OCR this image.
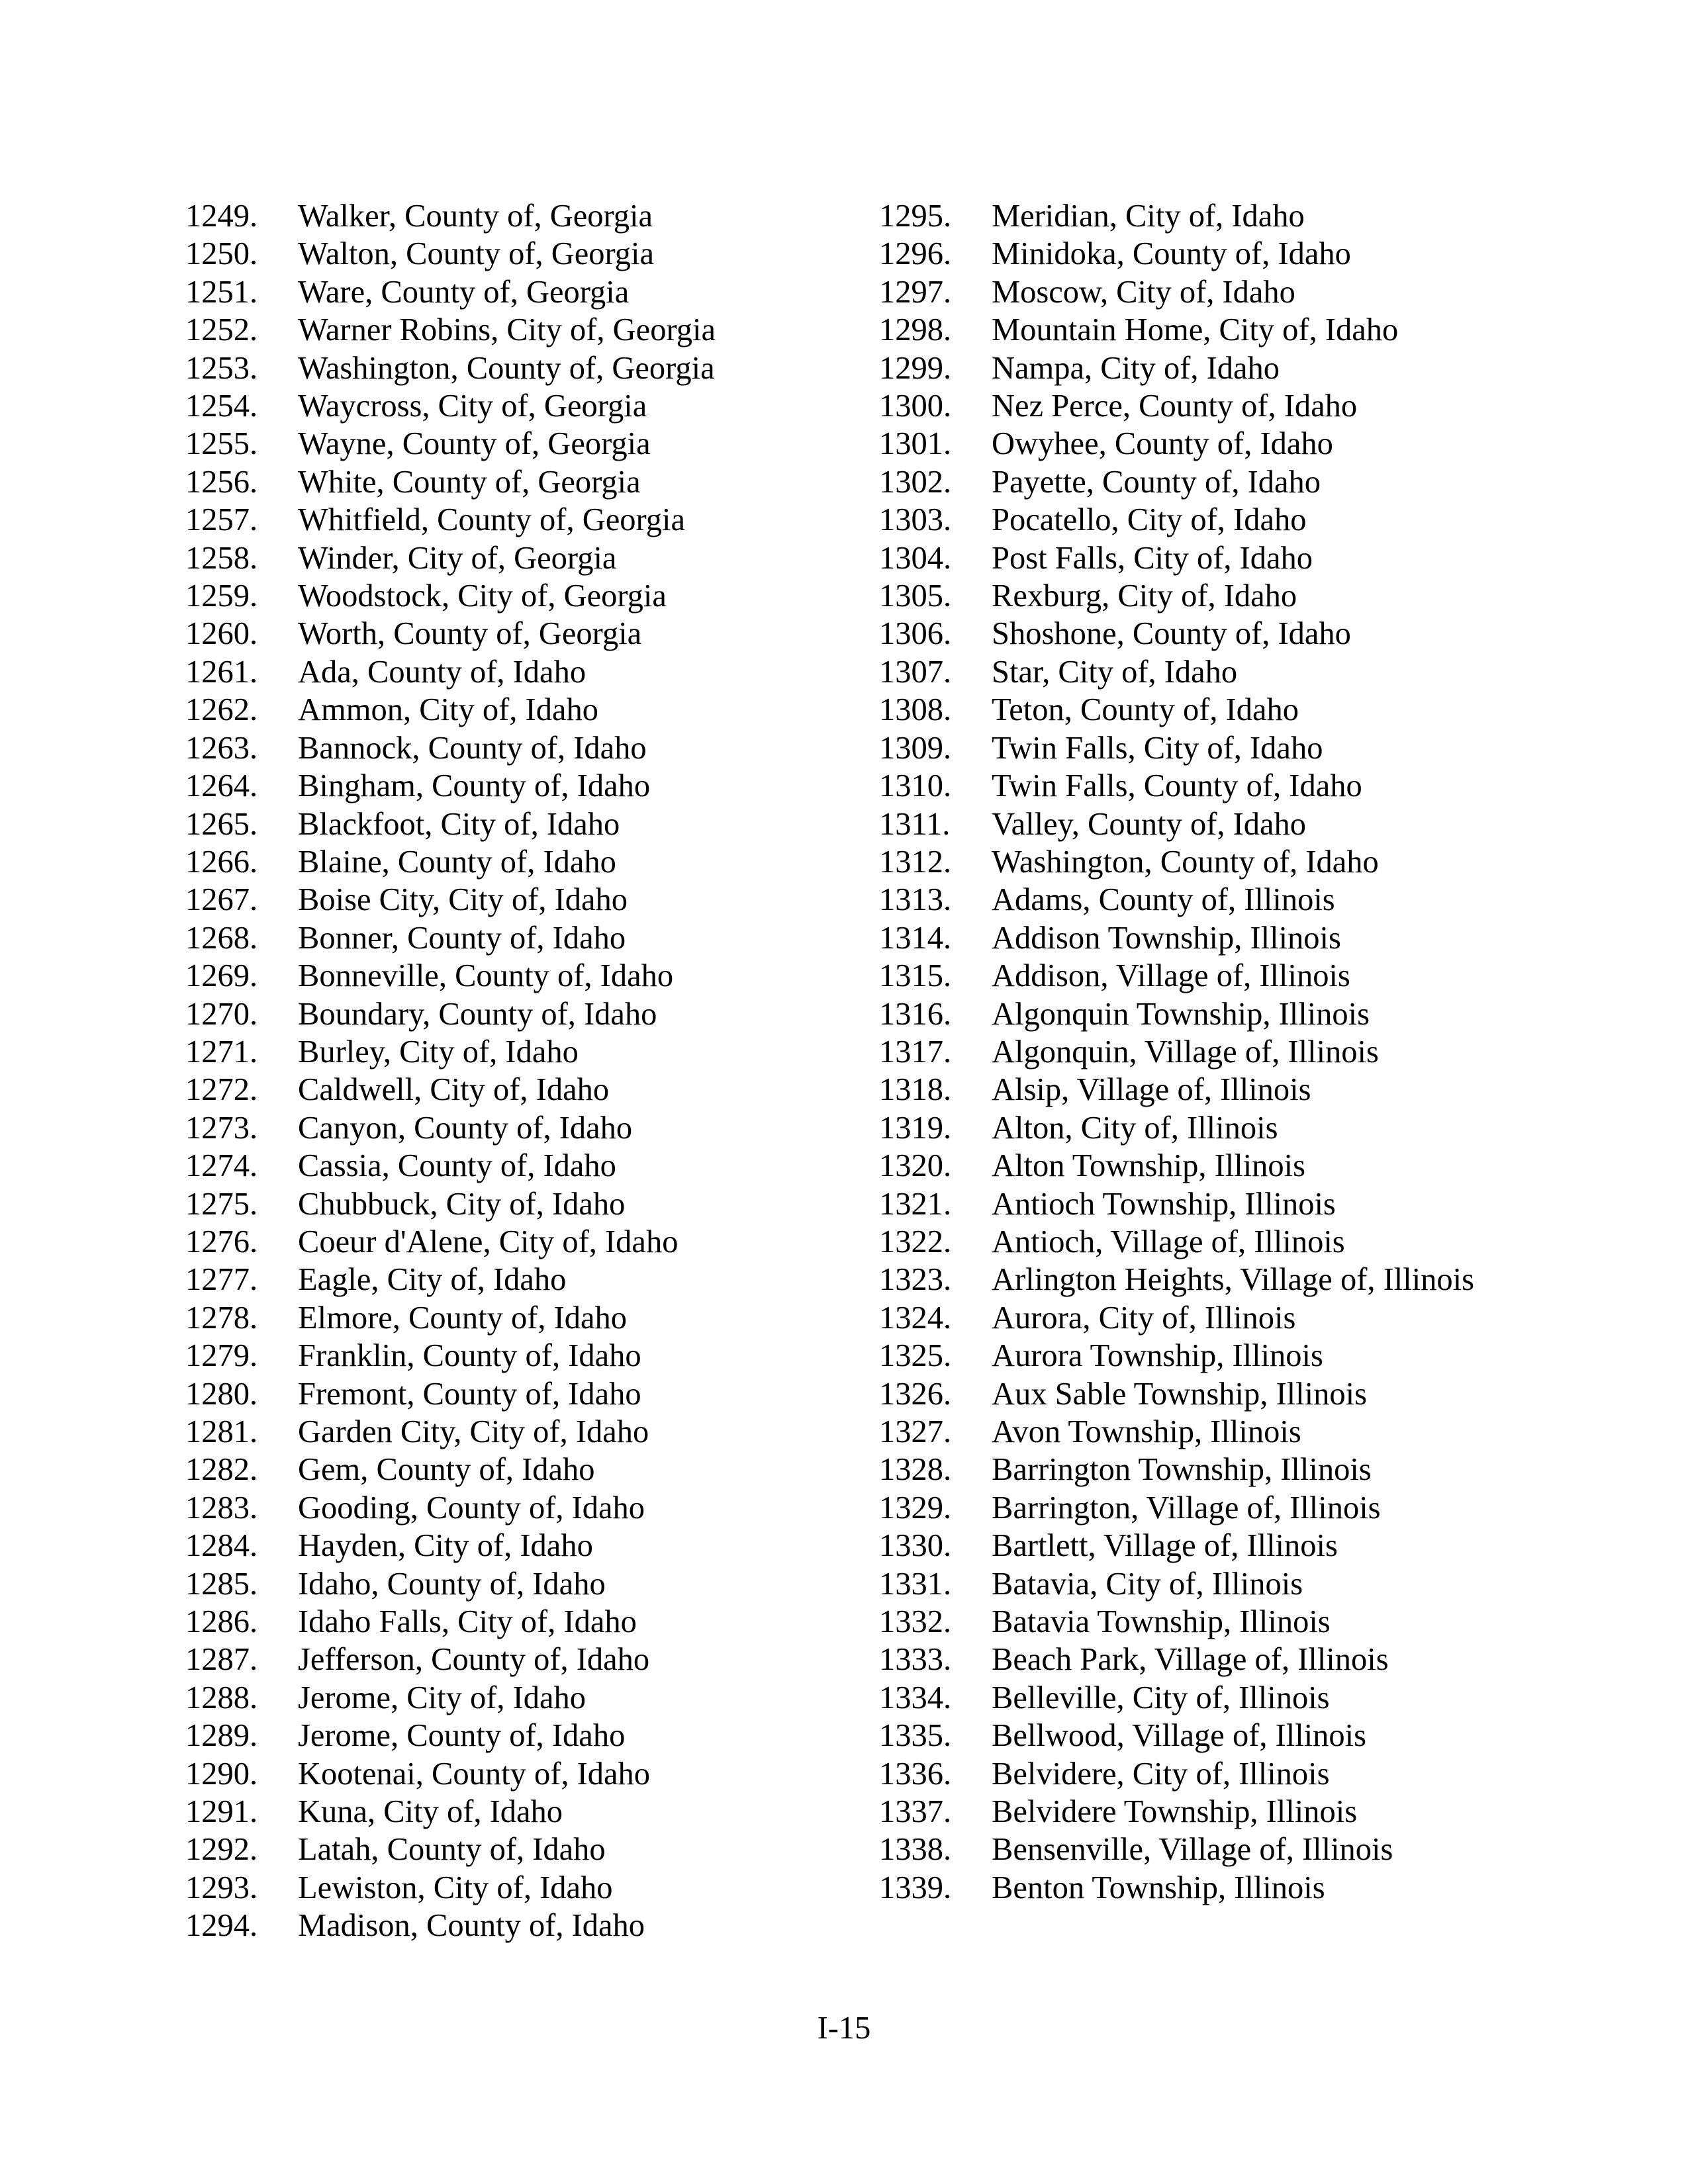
1249.	Walker, County of, Georgia
1250.	Walton, County of, Georgia
1251.	Ware, County of, Georgia
1252.	Warner Robins, City of, Georgia
1253.	Washington, County of, Georgia
1254.	Waycross, City of, Georgia
1255.	Wayne, County of, Georgia
1256.	White, County of, Georgia
1257.	Whitfield, County of, Georgia
1258.	Winder, City of, Georgia
1259.	Woodstock, City of, Georgia
1260.	Worth, County of, Georgia
1261.	Ada, County of, Idaho
1262.	Ammon, City of, Idaho
1263.	Bannock, County of, Idaho
1264.	Bingham, County of, Idaho
1265.	Blackfoot, City of, Idaho
1266.	Blaine, County of, Idaho
1267.	Boise City, City of, Idaho
1268.	Bonner, County of, Idaho
1269.	Bonneville, County of, Idaho
1270.	Boundary, County of, Idaho
1271.	Burley, City of, Idaho
1272.	Caldwell, City of, Idaho
1273.	Canyon, County of, Idaho
1274.	Cassia, County of, Idaho
1275.	Chubbuck, City of, Idaho
1276.	Coeur d'Alene, City of, Idaho
1277.	Eagle, City of, Idaho
1278.	Elmore, County of, Idaho
1279.	Franklin, County of, Idaho
1280.	Fremont, County of, Idaho
1281.	Garden City, City of, Idaho
1282.	Gem, County of, Idaho
1283.	Gooding, County of, Idaho
1284.	Hayden, City of, Idaho
1285.	Idaho, County of, Idaho
1286.	Idaho Falls, City of, Idaho
1287.	Jefferson, County of, Idaho
1288.	Jerome, City of, Idaho
1289.	Jerome, County of, Idaho
1290.	Kootenai, County of, Idaho
1291.	Kuna, City of, Idaho
1292.	Latah, County of, Idaho
1293.	Lewiston, City of, Idaho
1294.	Madison, County of, Idaho
1295.	Meridian, City of, Idaho
1296.	Minidoka, County of, Idaho
1297.	Moscow, City of, Idaho
1298.	Mountain Home, City of, Idaho
1299.	Nampa, City of, Idaho
1300.	Nez Perce, County of, Idaho
1301.	Owyhee, County of, Idaho
1302.	Payette, County of, Idaho
1303.	Pocatello, City of, Idaho
1304.	Post Falls, City of, Idaho
1305.	Rexburg, City of, Idaho
1306.	Shoshone, County of, Idaho
1307.	Star, City of, Idaho
1308.	Teton, County of, Idaho
1309.	Twin Falls, City of, Idaho
1310.	Twin Falls, County of, Idaho
1311.	Valley, County of, Idaho
1312.	Washington, County of, Idaho
1313.	Adams, County of, Illinois
1314.	Addison Township, Illinois
1315.	Addison, Village of, Illinois
1316.	Algonquin Township, Illinois
1317.	Algonquin, Village of, Illinois
1318.	Alsip, Village of, Illinois
1319.	Alton, City of, Illinois
1320.	Alton Township, Illinois
1321.	Antioch Township, Illinois
1322.	Antioch, Village of, Illinois
1323.	Arlington Heights, Village of, Illinois
1324.	Aurora, City of, Illinois
1325.	Aurora Township, Illinois
1326.	Aux Sable Township, Illinois
1327.	Avon Township, Illinois
1328.	Barrington Township, Illinois
1329.	Barrington, Village of, Illinois
1330.	Bartlett, Village of, Illinois
1331.	Batavia, City of, Illinois
1332.	Batavia Township, Illinois
1333.	Beach Park, Village of, Illinois
1334.	Belleville, City of, Illinois
1335.	Bellwood, Village of, Illinois
1336.	Belvidere, City of, Illinois
1337.	Belvidere Township, Illinois
1338.	Bensenville, Village of, Illinois
1339.	Benton Township, Illinois
I-15
